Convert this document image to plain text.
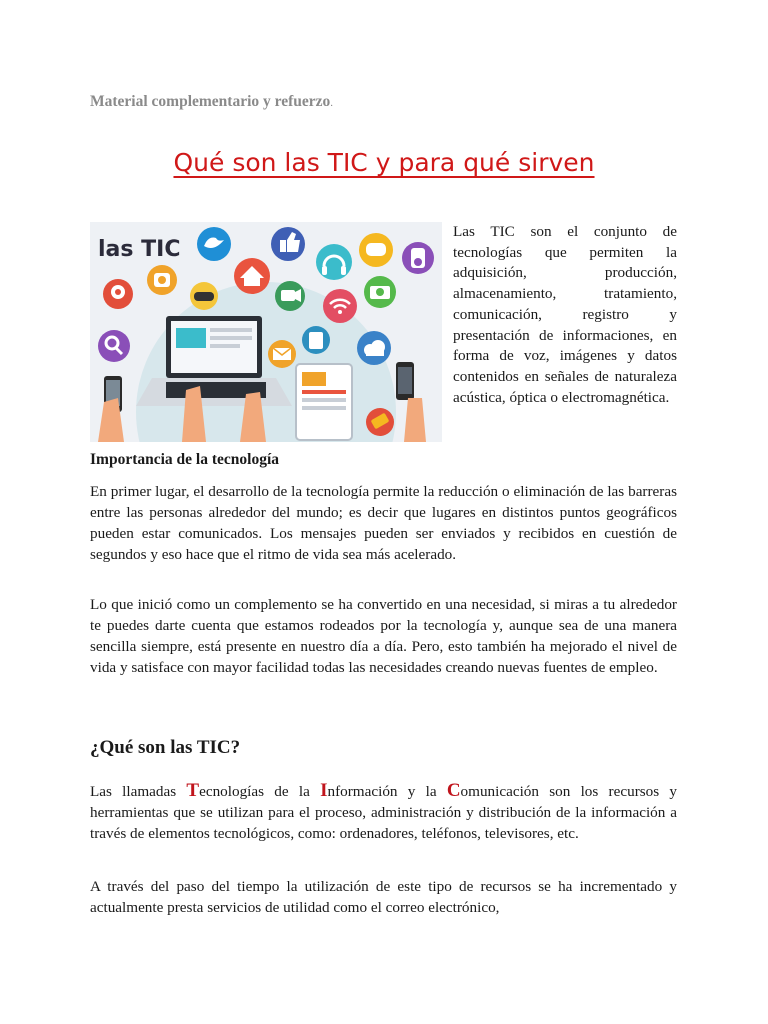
Material complementario y refuerzo.
Qué son las TIC y para qué sirven
las TIC
Las TIC son el conjunto de tecnologías que permiten la adquisición, producción, almacenamiento, tratamiento, comunicación, registro y presentación de informaciones, en forma de voz, imágenes y datos contenidos en señales de naturaleza acústica, óptica o electromagnética.
Importancia de la tecnología

En primer lugar, el desarrollo de la tecnología permite la reducción o eliminación de las barreras entre las personas alrededor del mundo; es decir que lugares en distintos puntos geográficos pueden estar comunicados. Los mensajes pueden ser enviados y recibidos en cuestión de segundos y eso hace que el ritmo de vida sea más acelerado.

Lo que inició como un complemento se ha convertido en una necesidad, si miras a tu alrededor te puedes darte cuenta que estamos rodeados por la tecnología y, aunque sea de una manera sencilla siempre, está presente en nuestro día a día. Pero, esto también ha mejorado el nivel de vida y satisface con mayor facilidad todas las necesidades creando nuevas fuentes de empleo.

¿Qué son las TIC?

Las llamadas Tecnologías de la Información y la Comunicación son los recursos y herramientas que se utilizan para el proceso, administración y distribución de la información a través de elementos tecnológicos, como: ordenadores, teléfonos, televisores, etc.

A través del paso del tiempo la utilización de este tipo de recursos se ha incrementado y actualmente presta servicios de utilidad como el correo electrónico,
